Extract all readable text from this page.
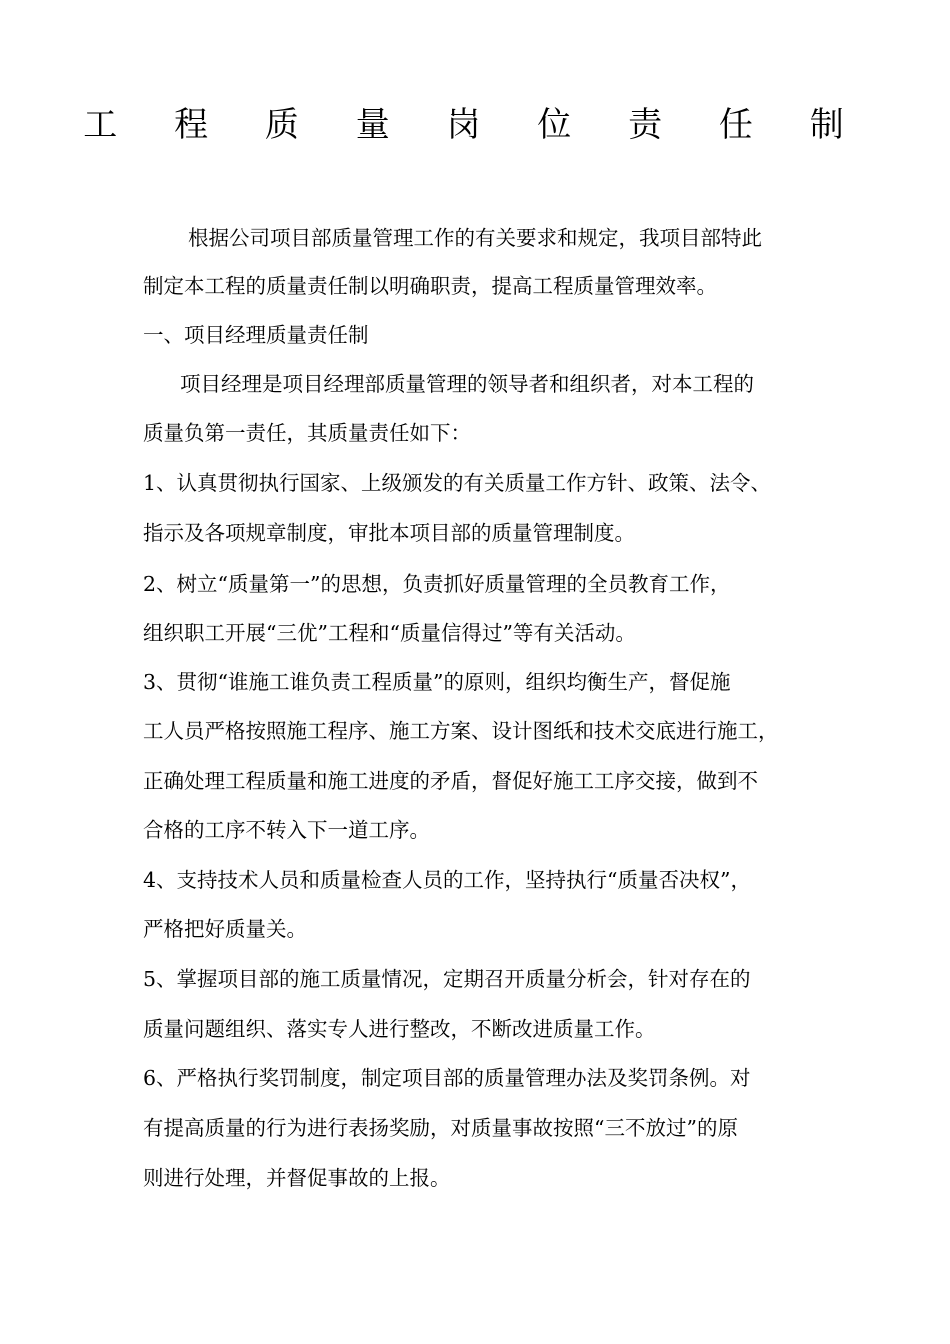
工 程 质 量 岗 位 责 任 制
根据公司项目部质量管理工作的有关要求和规定，我项目部特此
制定本工程的质量责任制以明确职责，提高工程质量管理效率。
一、项目经理质量责任制
项目经理是项目经理部质量管理的领导者和组织者，对本工程的
质量负第一责任，其质量责任如下：
1、认真贯彻执行国家、上级颁发的有关质量工作方针、政策、法令、
指示及各项规章制度，审批本项目部的质量管理制度。
2、树立“质量第一”的思想，负责抓好质量管理的全员教育工作，
组织职工开展“三优”工程和“质量信得过”等有关活动。
3、贯彻“谁施工谁负责工程质量”的原则，组织均衡生产，督促施
工人员严格按照施工程序、施工方案、设计图纸和技术交底进行施工，
正确处理工程质量和施工进度的矛盾，督促好施工工序交接，做到不
合格的工序不转入下一道工序。
4、支持技术人员和质量检查人员的工作，坚持执行“质量否决权”，
严格把好质量关。
5、掌握项目部的施工质量情况，定期召开质量分析会，针对存在的
质量问题组织、落实专人进行整改，不断改进质量工作。
6、严格执行奖罚制度，制定项目部的质量管理办法及奖罚条例。对
有提高质量的行为进行表扬奖励，对质量事故按照“三不放过”的原
则进行处理，并督促事故的上报。
